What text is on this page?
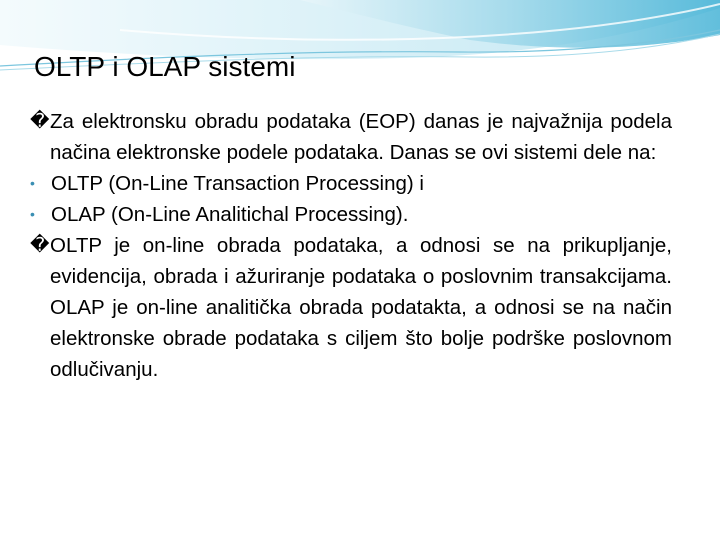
OLTP i OLAP sistemi

� Za elektronsku obradu podataka (EOP) danas je najvažnija podela načina elektronske podele podataka. Danas se ovi sistemi dele na:

• OLTP (On-Line Transaction Processing) i

• OLAP (On-Line Analitichal Processing).

� OLTP je on-line obrada podataka, a odnosi se na prikupljanje, evidencija, obrada i ažuriranje podataka o poslovnim transakcijama. OLAP je on-line analitička obrada podatakta, a odnosi se na način elektronske obrade podataka s ciljem što bolje podrške poslovnom odlučivanju.
